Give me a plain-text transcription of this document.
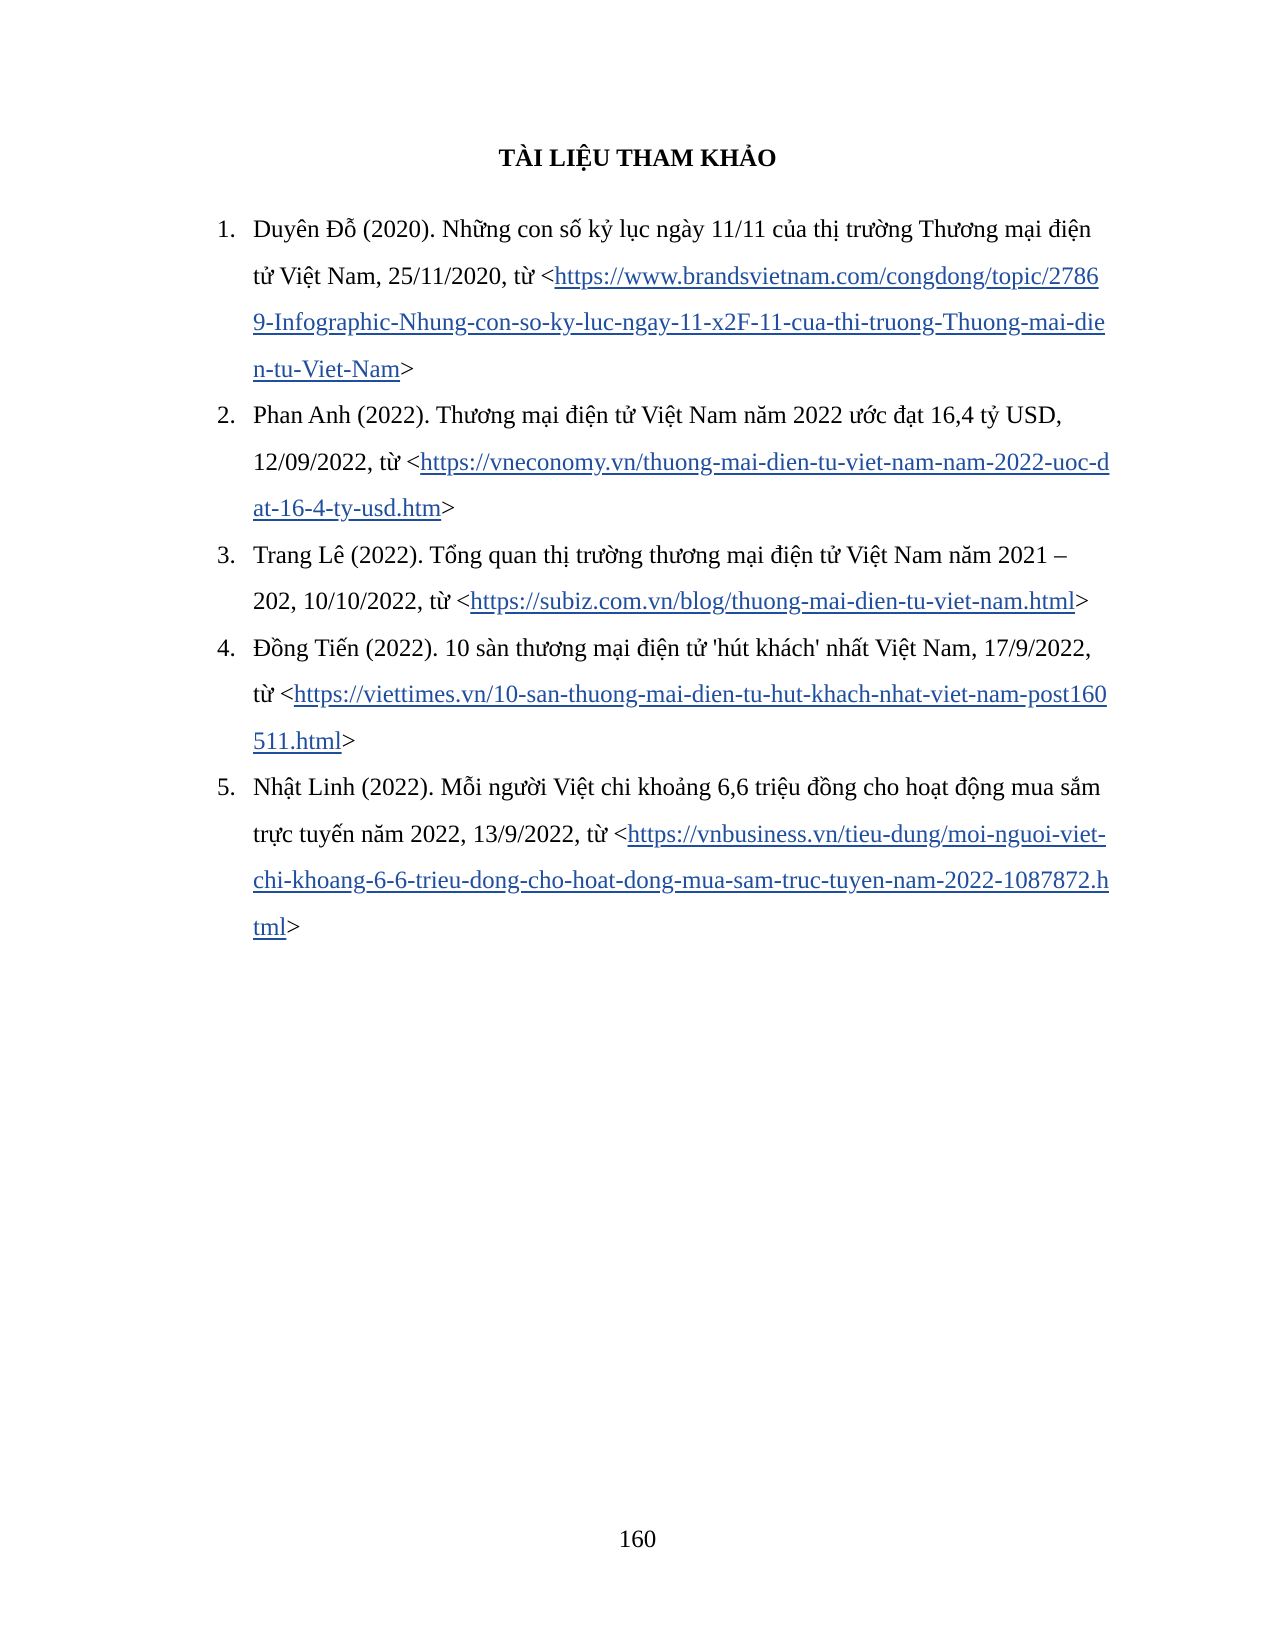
TÀI LIỆU THAM KHẢO
1. Duyên Đỗ (2020). Những con số kỷ lục ngày 11/11 của thị trường Thương mại điện tử Việt Nam, 25/11/2020, từ <https://www.brandsvietnam.com/congdong/topic/27869-Infographic-Nhung-con-so-ky-luc-ngay-11-x2F-11-cua-thi-truong-Thuong-mai-dien-tu-Viet-Nam>
2. Phan Anh (2022). Thương mại điện tử Việt Nam năm 2022 ước đạt 16,4 tỷ USD, 12/09/2022, từ <https://vneconomy.vn/thuong-mai-dien-tu-viet-nam-nam-2022-uoc-dat-16-4-ty-usd.htm>
3. Trang Lê (2022). Tổng quan thị trường thương mại điện tử Việt Nam năm 2021 – 202, 10/10/2022, từ <https://subiz.com.vn/blog/thuong-mai-dien-tu-viet-nam.html>
4. Đồng Tiến (2022). 10 sàn thương mại điện tử 'hút khách' nhất Việt Nam, 17/9/2022, từ <https://viettimes.vn/10-san-thuong-mai-dien-tu-hut-khach-nhat-viet-nam-post160511.html>
5. Nhật Linh (2022). Mỗi người Việt chi khoảng 6,6 triệu đồng cho hoạt động mua sắm trực tuyến năm 2022, 13/9/2022, từ <https://vnbusiness.vn/tieu-dung/moi-nguoi-viet-chi-khoang-6-6-trieu-dong-cho-hoat-dong-mua-sam-truc-tuyen-nam-2022-1087872.html>
160
